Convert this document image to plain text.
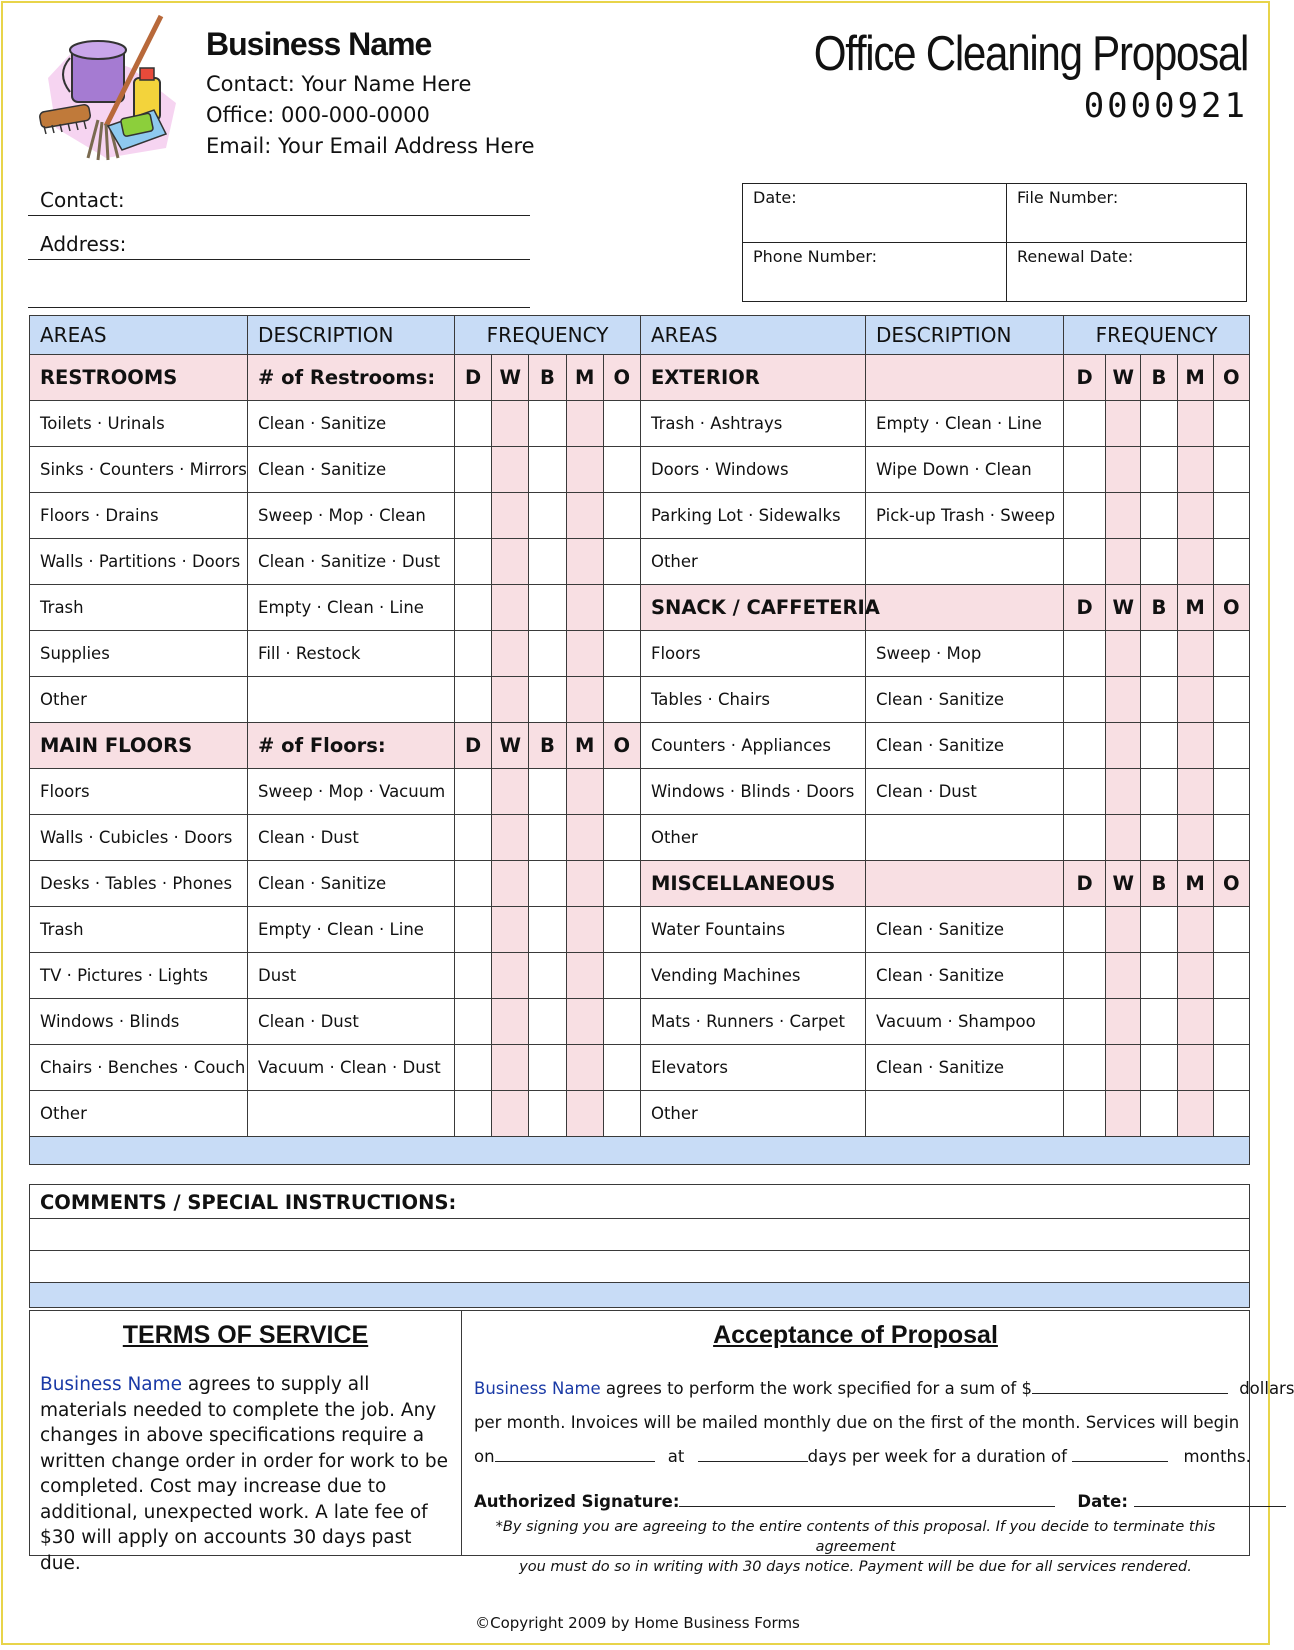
Business Name
Contact: Your Name Here
Office: 000-000-0000
Email: Your Email Address Here
Office Cleaning Proposal
0000921
Contact:
Address:
Date:	File Number:
Phone Number:	Renewal Date:
AREAS	DESCRIPTION	FREQUENCY					AREAS	DESCRIPTION	FREQUENCY				
RESTROOMS	# of Restrooms:	D	W	B	M	O	EXTERIOR		D	W	B	M	O
Toilets · Urinals	Clean · Sanitize						Trash · Ashtrays	Empty · Clean · Line					
Sinks · Counters · Mirrors	Clean · Sanitize						Doors · Windows	Wipe Down · Clean					
Floors · Drains	Sweep · Mop · Clean						Parking Lot · Sidewalks	Pick-up Trash · Sweep					
Walls · Partitions · Doors	Clean · Sanitize · Dust						Other						
Trash	Empty · Clean · Line						SNACK / CAFFETERIA		D	W	B	M	O
Supplies	Fill · Restock						Floors	Sweep · Mop					
Other							Tables · Chairs	Clean · Sanitize					
MAIN FLOORS	# of Floors:	D	W	B	M	O	Counters · Appliances	Clean · Sanitize					
Floors	Sweep · Mop · Vacuum						Windows · Blinds · Doors	Clean · Dust					
Walls · Cubicles · Doors	Clean · Dust						Other						
Desks · Tables · Phones	Clean · Sanitize						MISCELLANEOUS		D	W	B	M	O
Trash	Empty · Clean · Line						Water Fountains	Clean · Sanitize					
TV · Pictures · Lights	Dust						Vending Machines	Clean · Sanitize					
Windows · Blinds	Clean · Dust						Mats · Runners · Carpet	Vacuum · Shampoo					
Chairs · Benches · Couch	Vacuum · Clean · Dust						Elevators	Clean · Sanitize					
Other							Other						

COMMENTS / SPECIAL INSTRUCTIONS:
TERMS OF SERVICE

Business Name agrees to supply all materials needed to complete the job. Any changes in above specifications require a written change order in order for work to be completed. Cost may increase due to additional, unexpected work. A late fee of $30 will apply on accounts 30 days past due.

Acceptance of Proposal
Business Name agrees to perform the work specified for a sum of $	dollars
per month. Invoices will be mailed monthly due on the first of the month. Services will begin
on	at	days per week for a duration of	months.
Authorized Signature:	Date:
*By signing you are agreeing to the entire contents of this proposal. If you decide to terminate this agreement
you must do so in writing with 30 days notice. Payment will be due for all services rendered.
©Copyright 2009 by Home Business Forms
